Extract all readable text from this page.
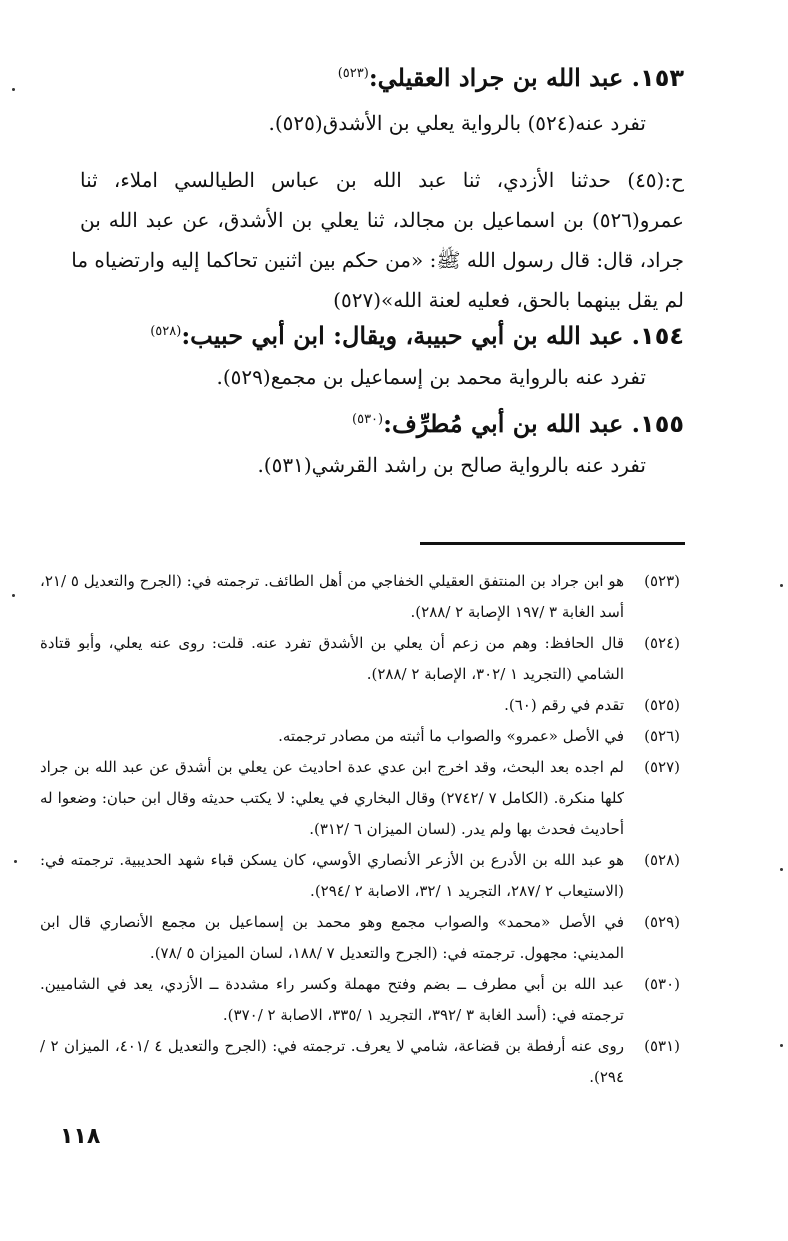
١٥٣. عبد الله بن جراد العقيلي:$^{(٥٢٣)}$
تفرد عنه(٥٢٤) بالرواية يعلي بن الأشدق(٥٢٥).
ح:(٤٥) حدثنا الأزدي، ثنا عبد الله بن عباس الطيالسي املاء، ثنا
عمرو(٥٢٦) بن اسماعيل بن مجالد، ثنا يعلي بن الأشدق، عن عبد الله بن
جراد، قال: قال رسول الله ﷺ: «من حكم بين اثنين تحاكما إليه وارتضياه ما
لم يقل بينهما بالحق، فعليه لعنة الله»(٥٢٧)
١٥٤. عبد الله بن أبي حبيبة، ويقال: ابن أبي حبيب:$^{(٥٢٨)}$
تفرد عنه بالرواية محمد بن إسماعيل بن مجمع(٥٢٩).
١٥٥. عبد الله بن أبي مُطرِّف:$^{(٥٣٠)}$
تفرد عنه بالرواية صالح بن راشد القرشي(٥٣١).
(٥٢٣)
هو ابن جراد بن المنتفق العقيلي الخفاجي من أهل الطائف. ترجمته في: (الجرح والتعديل ٥ /٢١، أسد الغابة ٣ /١٩٧ الإصابة ٢ /٢٨٨).
(٥٢٤)
قال الحافظ: وهم من زعم أن يعلي بن الأشدق تفرد عنه. قلت: روى عنه يعلي، وأبو قتادة الشامي (التجريد ١ /٣٠٢، الإصابة ٢ /٢٨٨).
(٥٢٥)
تقدم في رقم (٦٠).
(٥٢٦)
في الأصل «عمرو» والصواب ما أثبته من مصادر ترجمته.
(٥٢٧)
لم اجده بعد البحث، وقد اخرج ابن عدي عدة احاديث عن يعلي بن أشدق عن عبد الله بن جراد كلها منكرة. (الكامل ٧ /٢٧٤٢) وقال البخاري في يعلي: لا يكتب حديثه وقال ابن حبان: وضعوا له أحاديث فحدث بها ولم يدر. (لسان الميزان ٦ /٣١٢).
(٥٢٨)
هو عبد الله بن الأدرع بن الأزعر الأنصاري الأوسي، كان يسكن قباء شهد الحديبية. ترجمته في: (الاستيعاب ٢ /٢٨٧، التجريد ١ /٣٢، الاصابة ٢ /٢٩٤).
(٥٢٩)
في الأصل «محمد» والصواب مجمع وهو محمد بن إسماعيل بن مجمع الأنصاري قال ابن المديني: مجهول. ترجمته في: (الجرح والتعديل ٧ /١٨٨، لسان الميزان ٥ /٧٨).
(٥٣٠)
عبد الله بن أبي مطرف ــ بضم وفتح مهملة وكسر راء مشددة ــ الأزدي، يعد في الشاميين. ترجمته في: (أسد الغابة ٣ /٣٩٢، التجريد ١ /٣٣٥، الاصابة ٢ /٣٧٠).
(٥٣١)
روى عنه أرفطة بن قضاعة، شامي لا يعرف. ترجمته في: (الجرح والتعديل ٤ /٤٠١، الميزان ٢ /٢٩٤).
١١٨
